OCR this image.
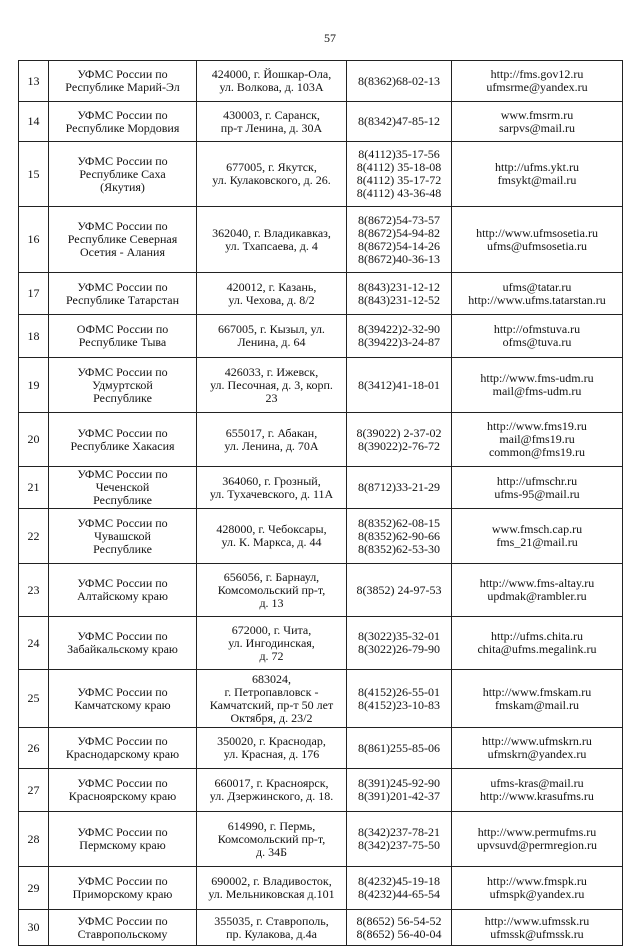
57
13	УФМС России по
Республике Марий-Эл	424000, г. Йошкар-Ола,
ул. Волкова, д. 103А	8(8362)68-02-13	http://fms.gov12.ru
ufmsrme@yandex.ru

14	УФМС России по
Республике Мордовия	430003, г. Саранск,
пр-т Ленина, д. 30А	8(8342)47-85-12	www.fmsrm.ru
sarpvs@mail.ru

15	УФМС России по
Республике Саха
(Якутия)	677005, г. Якутск,
ул. Кулаковского, д. 26.	8(4112)35-17-56
8(4112) 35-18-08
8(4112) 35-17-72
8(4112) 43-36-48	http://ufms.ykt.ru
fmsykt@mail.ru

16	УФМС России по
Республике Северная
Осетия - Алания	362040, г. Владикавказ,
ул. Тхапсаева, д. 4	8(8672)54-73-57
8(8672)54-94-82
8(8672)54-14-26
8(8672)40-36-13	http://www.ufmsosetia.ru
ufms@ufmsosetia.ru

17	УФМС России по
Республике Татарстан	420012, г. Казань,
ул. Чехова, д. 8/2	8(843)231-12-12
8(843)231-12-52	ufms@tatar.ru
http://www.ufms.tatarstan.ru

18	ОФМС России по
Республике Тыва	667005, г. Кызыл, ул.
Ленина, д. 64	8(39422)2-32-90
8(39422)3-24-87	http://ofmstuva.ru
ofms@tuva.ru

19	УФМС России по
Удмуртской
Республике	426033, г. Ижевск,
ул. Песочная, д. 3, корп.
23	8(3412)41-18-01	http://www.fms-udm.ru
mail@fms-udm.ru

20	УФМС России по
Республике Хакасия	655017, г. Абакан,
ул. Ленина, д. 70А	8(39022) 2-37-02
8(39022)2-76-72	http://www.fms19.ru
mail@fms19.ru
common@fms19.ru

21	УФМС России по
Чеченской
Республике	364060, г. Грозный,
ул. Тухачевского, д. 11А	8(8712)33-21-29	http://ufmschr.ru
ufms-95@mail.ru

22	УФМС России по
Чувашской
Республике	428000, г. Чебоксары,
ул. К. Маркса, д. 44	8(8352)62-08-15
8(8352)62-90-66
8(8352)62-53-30	www.fmsch.cap.ru
fms_21@mail.ru

23	УФМС России по
Алтайскому краю	656056, г. Барнаул,
Комсомольский пр-т,
д. 13	8(3852) 24-97-53	http://www.fms-altay.ru
updmak@rambler.ru

24	УФМС России по
Забайкальскому краю	672000, г. Чита,
ул. Ингодинская,
д. 72	8(3022)35-32-01
8(3022)26-79-90	http://ufms.chita.ru
chita@ufms.megalink.ru

25	УФМС России по
Камчатскому краю	683024,
г. Петропавловск -
Камчатский, пр-т 50 лет
Октября, д. 23/2	8(4152)26-55-01
8(4152)23-10-83	http://www.fmskam.ru
fmskam@mail.ru

26	УФМС России по
Краснодарскому краю	350020, г. Краснодар,
ул. Красная, д. 176	8(861)255-85-06	http://www.ufmskrn.ru
ufmskrn@yandex.ru

27	УФМС России по
Красноярскому краю	660017, г. Красноярск,
ул. Дзержинского, д. 18.	8(391)245-92-90
8(391)201-42-37	ufms-kras@mail.ru
http://www.krasufms.ru

28	УФМС России по
Пермскому краю	614990, г. Пермь,
Комсомольский пр-т,
д. 34Б	8(342)237-78-21
8(342)237-75-50	http://www.permufms.ru
upvsuvd@permregion.ru

29	УФМС России по
Приморскому краю	690002, г. Владивосток,
ул. Мельниковская д.101	8(4232)45-19-18
8(4232)44-65-54	http://www.fmspk.ru
ufmspk@yandex.ru

30	УФМС России по
Ставропольскому	355035, г. Ставрополь,
пр. Кулакова, д.4а	8(8652) 56-54-52
8(8652) 56-40-04	http://www.ufmssk.ru
ufmssk@ufmssk.ru
